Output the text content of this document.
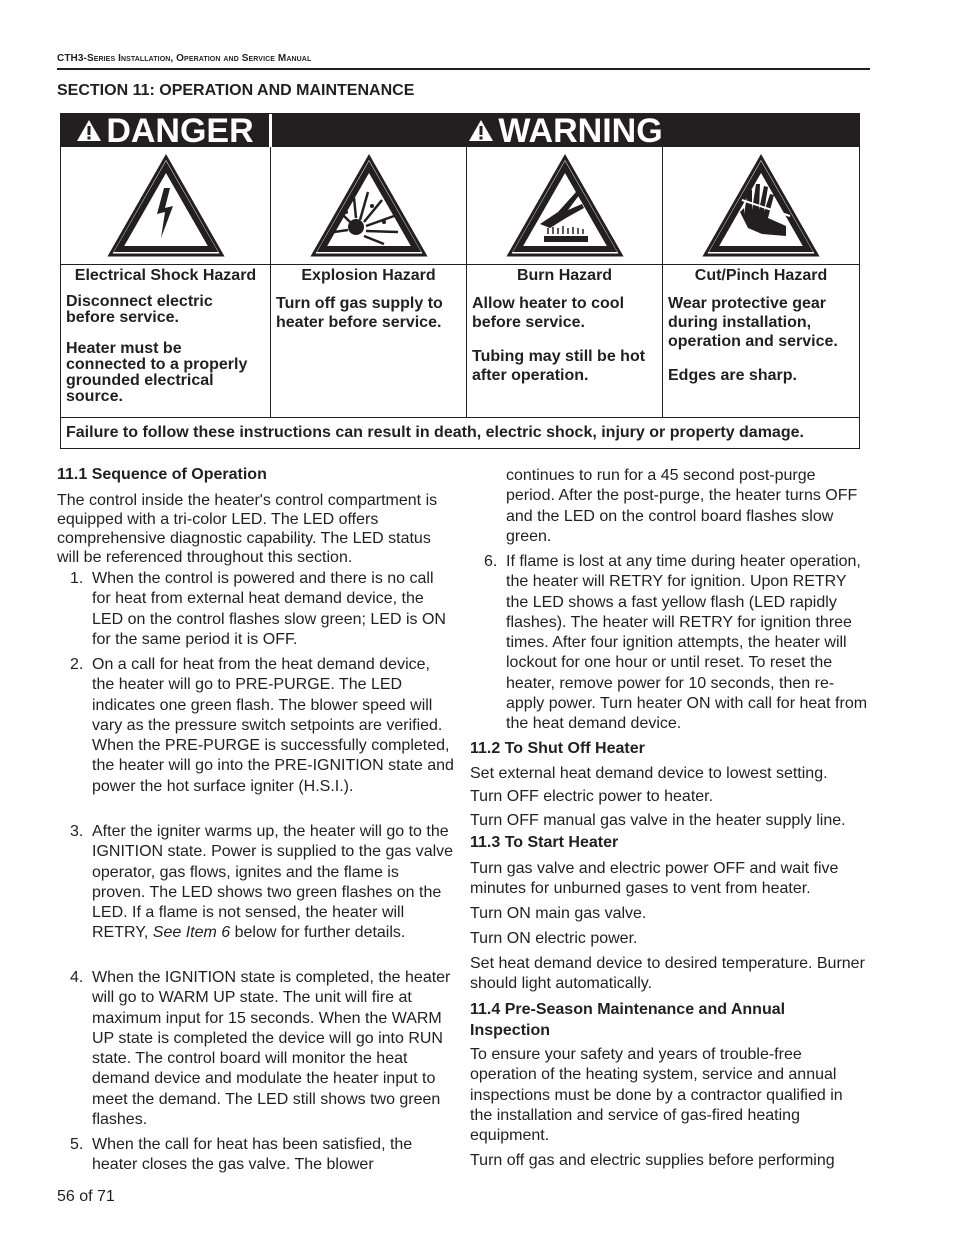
CTH3-Series Installation, Operation and Service Manual
SECTION 11: OPERATION AND MAINTENANCE
DANGER	WARNING
Electrical Shock Hazard

Disconnect electric before service.

Heater must be connected to a properly grounded electrical source.

Explosion Hazard

Turn off gas supply to heater before service.

Burn Hazard

Allow heater to cool before service.

Tubing may still be hot after operation.

Cut/Pinch Hazard

Wear protective gear during installation, operation and service.

Edges are sharp.

Failure to follow these instructions can result in death, electric shock, injury or property damage.
11.1 Sequence of Operation
The control inside the heater's control compartment is equipped with a tri-color LED. The LED offers comprehensive diagnostic capability. The LED status will be referenced throughout this section.
1. When the control is powered and there is no call for heat from external heat demand device, the LED on the control flashes slow green; LED is ON for the same period it is OFF.
2. On a call for heat from the heat demand device, the heater will go to PRE-PURGE. The LED indicates one green flash. The blower speed will vary as the pressure switch setpoints are verified. When the PRE-PURGE is successfully completed, the heater will go into the PRE-IGNITION state and power the hot surface igniter (H.S.I.).
3. After the igniter warms up, the heater will go to the IGNITION state. Power is supplied to the gas valve operator, gas flows, ignites and the flame is proven. The LED shows two green flashes on the LED. If a flame is not sensed, the heater will RETRY, See Item 6 below for further details.
4. When the IGNITION state is completed, the heater will go to WARM UP state. The unit will fire at maximum input for 15 seconds. When the WARM UP state is completed the device will go into RUN state. The control board will monitor the heat demand device and modulate the heater input to meet the demand. The LED still shows two green flashes.
5. When the call for heat has been satisfied, the heater closes the gas valve. The blower
56 of 71
continues to run for a 45 second post-purge period. After the post-purge, the heater turns OFF and the LED on the control board flashes slow green.
6. If flame is lost at any time during heater operation, the heater will RETRY for ignition. Upon RETRY the LED shows a fast yellow flash (LED rapidly flashes). The heater will RETRY for ignition three times. After four ignition attempts, the heater will lockout for one hour or until reset. To reset the heater, remove power for 10 seconds, then re-apply power. Turn heater ON with call for heat from the heat demand device.
11.2 To Shut Off Heater
Set external heat demand device to lowest setting.
Turn OFF electric power to heater.
Turn OFF manual gas valve in the heater supply line.
11.3 To Start Heater
Turn gas valve and electric power OFF and wait five minutes for unburned gases to vent from heater.
Turn ON main gas valve.
Turn ON electric power.
Set heat demand device to desired temperature. Burner should light automatically.
11.4 Pre-Season Maintenance and Annual Inspection
To ensure your safety and years of trouble-free operation of the heating system, service and annual inspections must be done by a contractor qualified in the installation and service of gas-fired heating equipment.
Turn off gas and electric supplies before performing
